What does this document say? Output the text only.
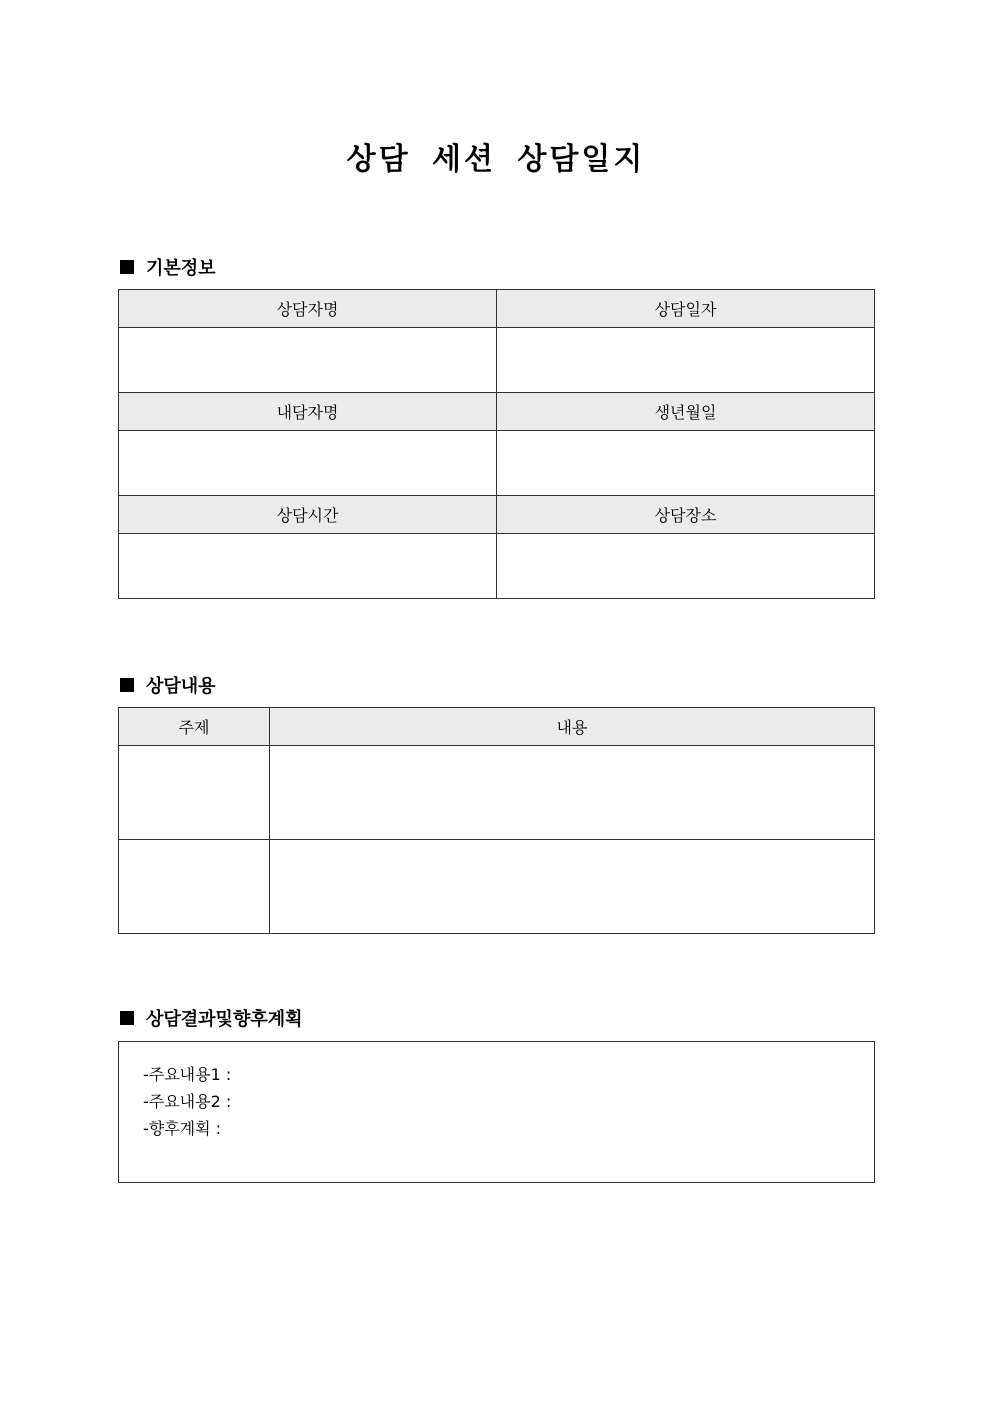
상담 세션 상담일지
기본정보
상담자명	상담일자

내담자명	생년월일

상담시간	상담장소

상담내용
주제	내용

상담결과및향후계획
-주요내용1 :
-주요내용2 :
-향후계획 :
